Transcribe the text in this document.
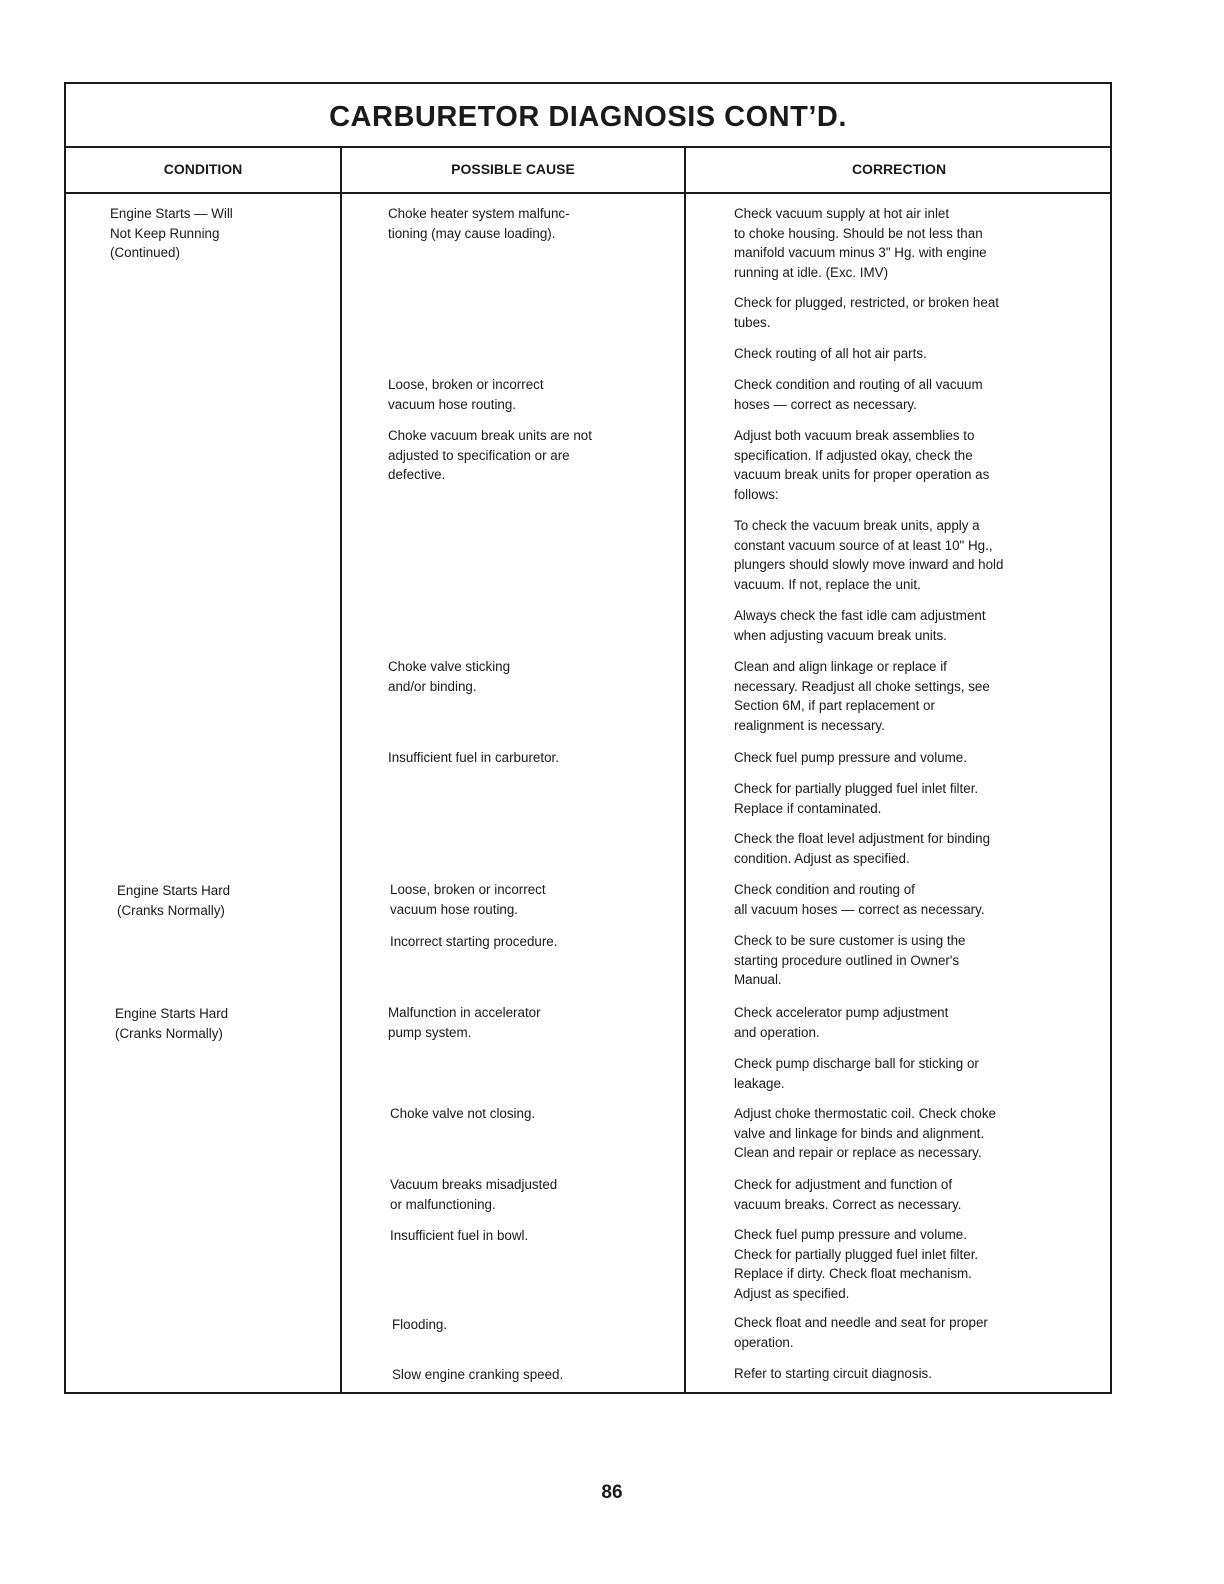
CARBURETOR DIAGNOSIS CONT’D.
CONDITION	POSSIBLE CAUSE	CORRECTION
Engine Starts — Will
Not Keep Running
(Continued)
Engine Starts Hard
(Cranks Normally)
Engine Starts Hard
(Cranks Normally)
Choke heater system malfunc-
tioning (may cause loading).
Loose, broken or incorrect
vacuum hose routing.
Choke vacuum break units are not
adjusted to specification or are
defective.
Choke valve sticking
and/or binding.
Insufficient fuel in carburetor.
Loose, broken or incorrect
vacuum hose routing.
Incorrect starting procedure.
Malfunction in accelerator
pump system.
Choke valve not closing.
Vacuum breaks misadjusted
or malfunctioning.
Insufficient fuel in bowl.
Flooding.
Slow engine cranking speed.
Check vacuum supply at hot air inlet
to choke housing. Should be not less than
manifold vacuum minus 3" Hg. with engine
running at idle. (Exc. IMV)
Check for plugged, restricted, or broken heat
tubes.
Check routing of all hot air parts.
Check condition and routing of all vacuum
hoses — correct as necessary.
Adjust both vacuum break assemblies to
specification. If adjusted okay, check the
vacuum break units for proper operation as
follows:
To check the vacuum break units, apply a
constant vacuum source of at least 10" Hg.,
plungers should slowly move inward and hold
vacuum. If not, replace the unit.
Always check the fast idle cam adjustment
when adjusting vacuum break units.
Clean and align linkage or replace if
necessary. Readjust all choke settings, see
Section 6M, if part replacement or
realignment is necessary.
Check fuel pump pressure and volume.
Check for partially plugged fuel inlet filter.
Replace if contaminated.
Check the float level adjustment for binding
condition. Adjust as specified.
Check condition and routing of
all vacuum hoses — correct as necessary.
Check to be sure customer is using the
starting procedure outlined in Owner's
Manual.
Check accelerator pump adjustment
and operation.
Check pump discharge ball for sticking or
leakage.
Adjust choke thermostatic coil. Check choke
valve and linkage for binds and alignment.
Clean and repair or replace as necessary.
Check for adjustment and function of
vacuum breaks. Correct as necessary.
Check fuel pump pressure and volume.
Check for partially plugged fuel inlet filter.
Replace if dirty. Check float mechanism.
Adjust as specified.
Check float and needle and seat for proper
operation.
Refer to starting circuit diagnosis.
86
